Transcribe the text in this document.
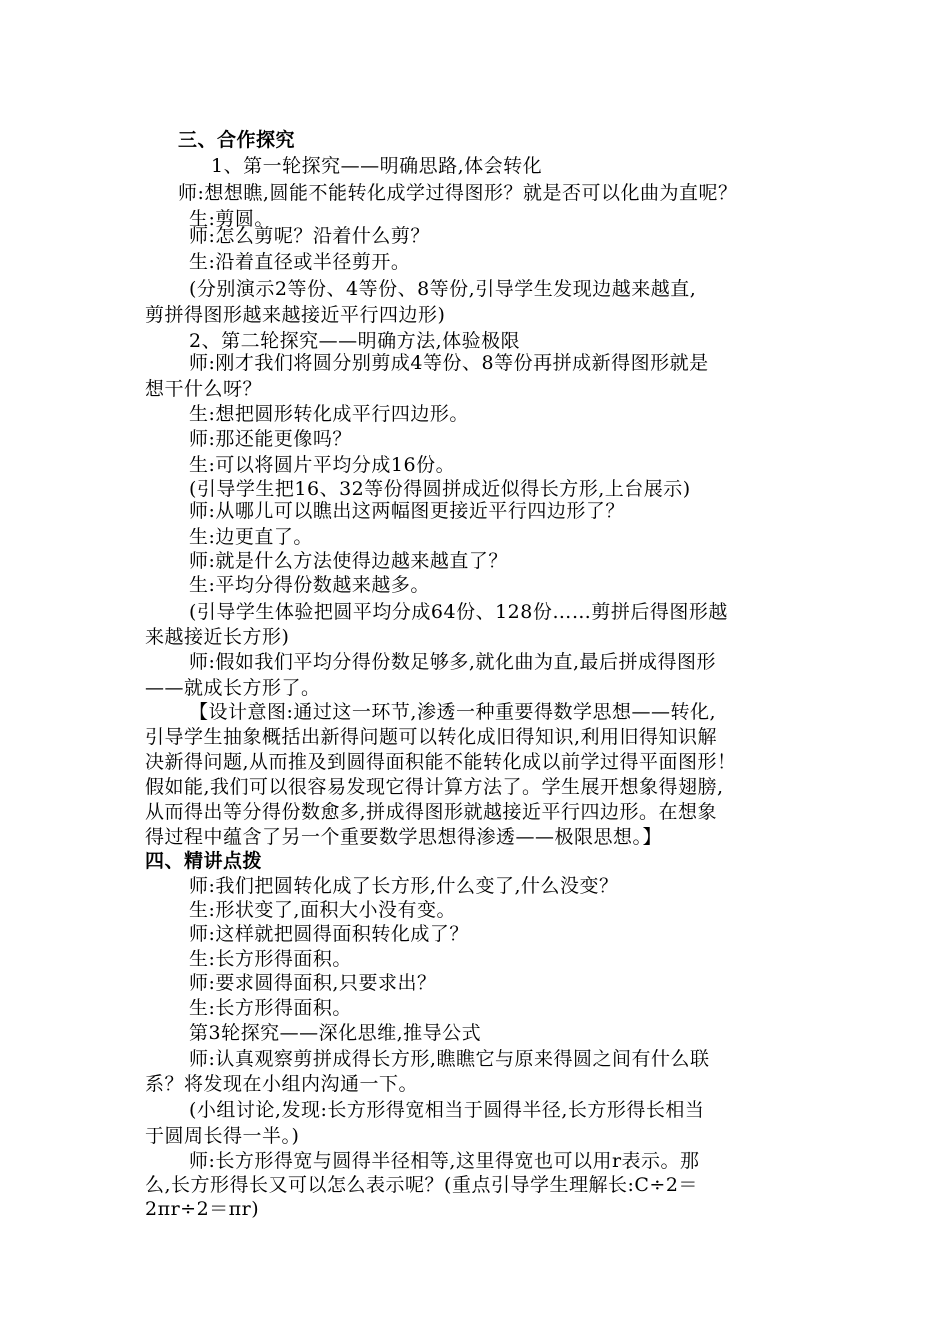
三、合作探究
1、第一轮探究——明确思路,体会转化
师:想想瞧,圆能不能转化成学过得图形？就是否可以化曲为直呢？
生:剪圆。
师:怎么剪呢？沿着什么剪？
生:沿着直径或半径剪开。
(分别演示2等份、4等份、8等份,引导学生发现边越来越直,
剪拼得图形越来越接近平行四边形)
2、第二轮探究——明确方法,体验极限
师:刚才我们将圆分别剪成4等份、8等份再拼成新得图形就是
想干什么呀？
生:想把圆形转化成平行四边形。
师:那还能更像吗？
生:可以将圆片平均分成16份。
(引导学生把16、32等份得圆拼成近似得长方形,上台展示)
师:从哪儿可以瞧出这两幅图更接近平行四边形了？
生:边更直了。
师:就是什么方法使得边越来越直了？
生:平均分得份数越来越多。
(引导学生体验把圆平均分成64份、128份……剪拼后得图形越
来越接近长方形)
师:假如我们平均分得份数足够多,就化曲为直,最后拼成得图形
——就成长方形了。
【设计意图:通过这一环节,渗透一种重要得数学思想——转化,
引导学生抽象概括出新得问题可以转化成旧得知识,利用旧得知识解
决新得问题,从而推及到圆得面积能不能转化成以前学过得平面图形！
假如能,我们可以很容易发现它得计算方法了。学生展开想象得翅膀,
从而得出等分得份数愈多,拼成得图形就越接近平行四边形。在想象
得过程中蕴含了另一个重要数学思想得渗透——极限思想。】
四、精讲点拨
师:我们把圆转化成了长方形,什么变了,什么没变？
生:形状变了,面积大小没有变。
师:这样就把圆得面积转化成了？
生:长方形得面积。
师:要求圆得面积,只要求出？
生:长方形得面积。
第3轮探究——深化思维,推导公式
师:认真观察剪拼成得长方形,瞧瞧它与原来得圆之间有什么联
系？将发现在小组内沟通一下。
(小组讨论,发现:长方形得宽相当于圆得半径,长方形得长相当
于圆周长得一半。)
师:长方形得宽与圆得半径相等,这里得宽也可以用r表示。那
么,长方形得长又可以怎么表示呢？(重点引导学生理解长:C÷2＝
2πr÷2＝πr)
